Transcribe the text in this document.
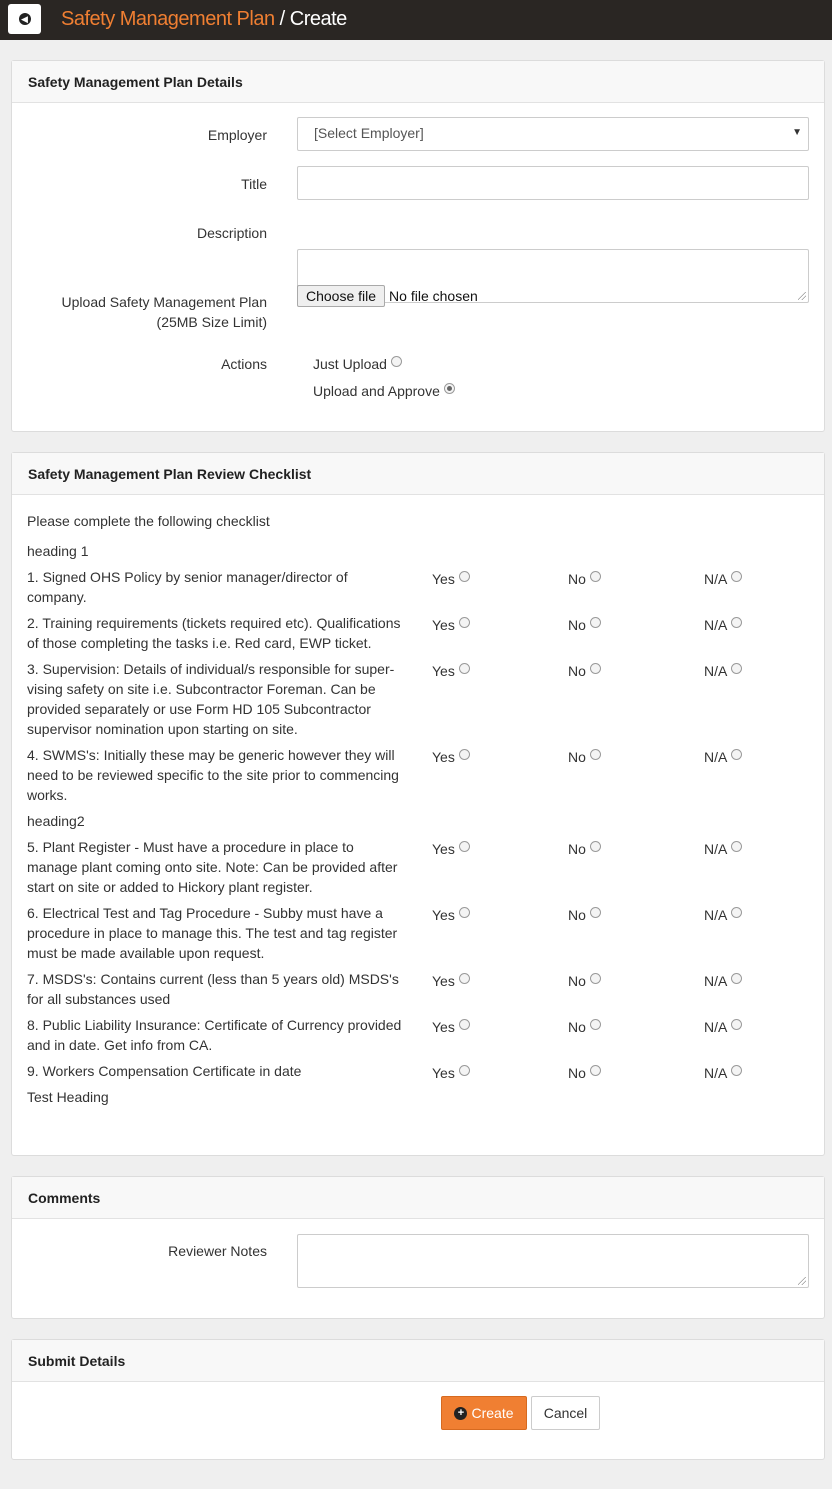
◀ Safety Management Plan / Create
Safety Management Plan Details
Employer	[Select Employer]	▼
Title
Description
Upload Safety Management Plan
(25MB Size Limit)
Choose file No file chosen
Actions	Just Upload
Upload and Approve
Safety Management Plan Review Checklist
Please complete the following checklist
heading 1
1. Signed OHS Policy by senior manager/director of company.
Yes	No	N/A
2. Training requirements (tickets required etc). Qualifications of those completing the tasks i.e. Red card, EWP ticket.
Yes	No	N/A
3. Supervision: Details of individual/s responsible for super-vising safety on site i.e. Subcontractor Foreman. Can be provided separately or use Form HD 105 Subcontractor supervisor nomination upon starting on site.
Yes	No	N/A
4. SWMS's: Initially these may be generic however they will need to be reviewed specific to the site prior to commencing works.
Yes	No	N/A
heading2
5. Plant Register - Must have a procedure in place to manage plant coming onto site. Note: Can be provided after start on site or added to Hickory plant register.
Yes	No	N/A
6. Electrical Test and Tag Procedure - Subby must have a procedure in place to manage this. The test and tag register must be made available upon request.
Yes	No	N/A
7. MSDS's: Contains current (less than 5 years old) MSDS's for all substances used
Yes	No	N/A
8. Public Liability Insurance: Certificate of Currency provided and in date. Get info from CA.
Yes	No	N/A
9. Workers Compensation Certificate in date	Yes	No	N/A
Test Heading
Comments
Reviewer Notes
Submit Details
+ Create Cancel
